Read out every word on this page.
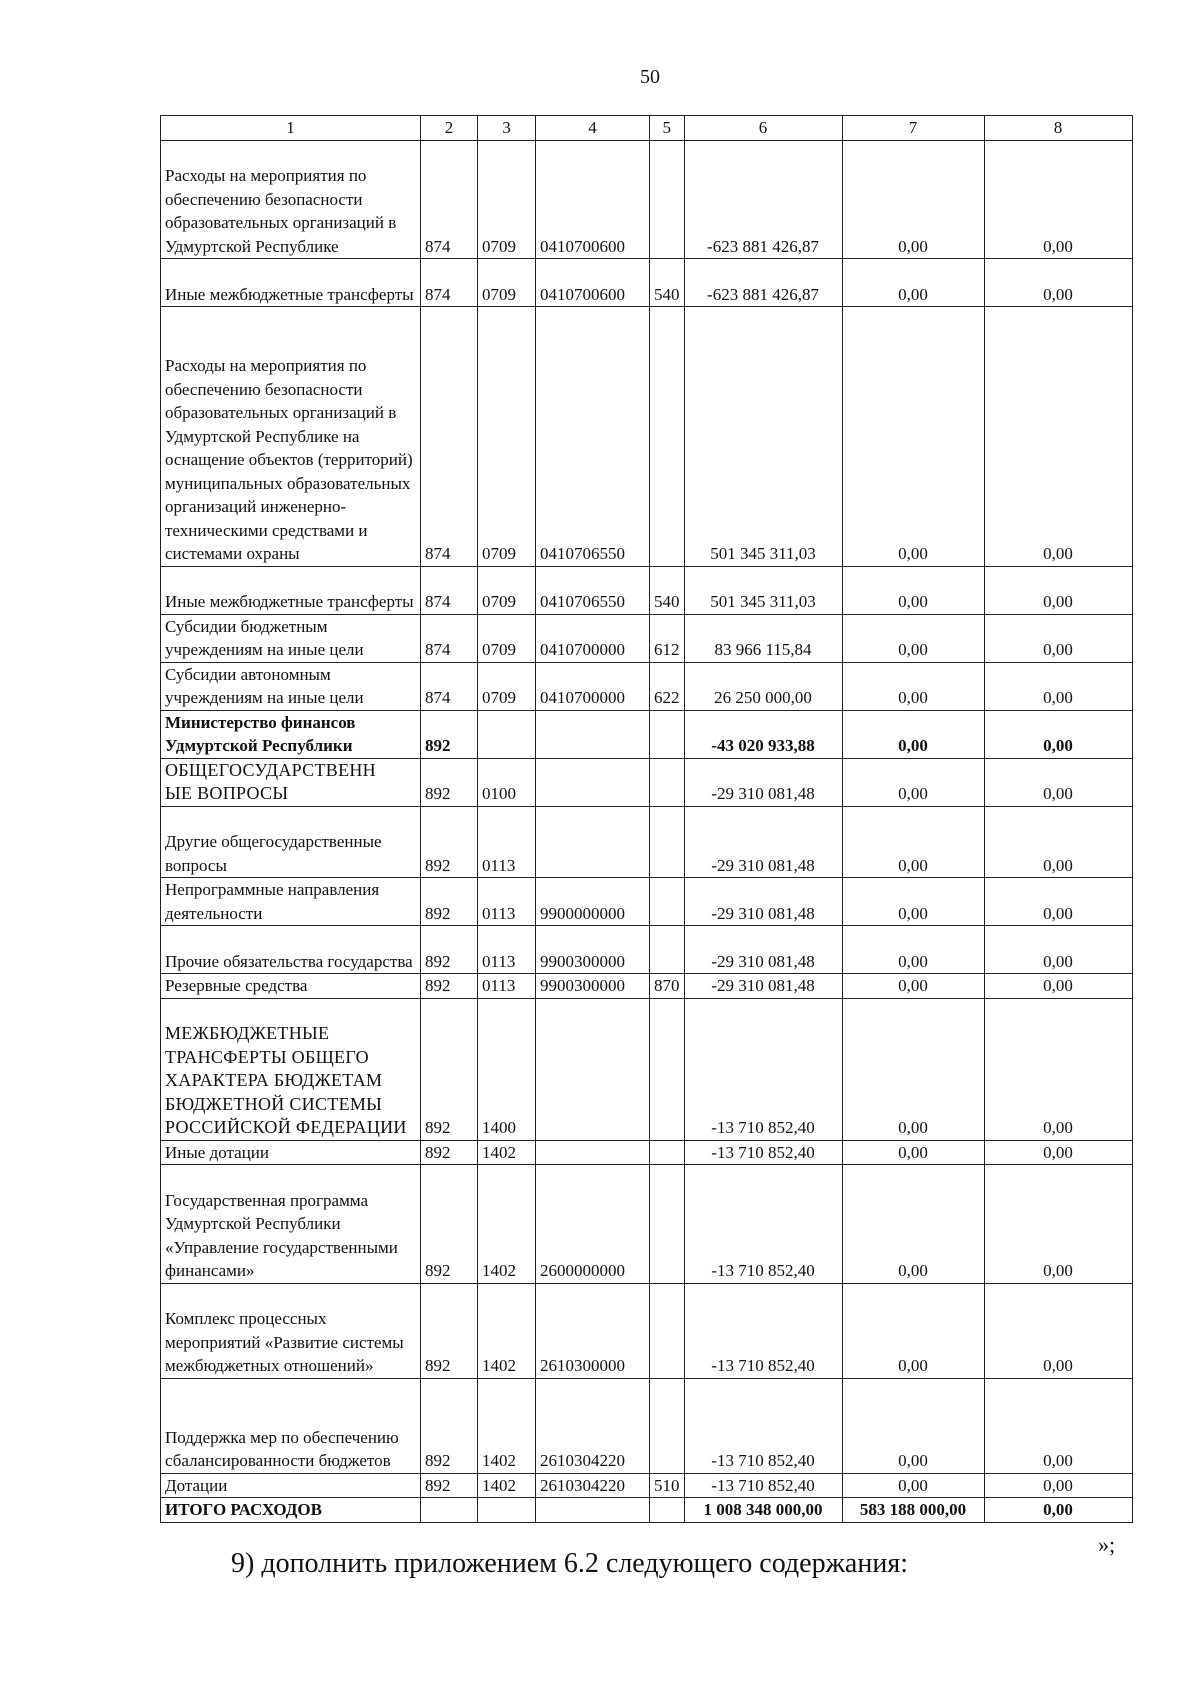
50
1	2	3	4	5	6	7	8
Расходы на мероприятия по обеспечению безопасности образовательных организаций в Удмуртской Республике	874	0709	0410700600		-623 881 426,87	0,00	0,00
Иные межбюджетные трансферты	874	0709	0410700600	540	-623 881 426,87	0,00	0,00
Расходы на мероприятия по обеспечению безопасности образовательных организаций в Удмуртской Республике на оснащение объектов (территорий) муниципальных образовательных организаций инженерно-техническими средствами и системами охраны	874	0709	0410706550		501 345 311,03	0,00	0,00
Иные межбюджетные трансферты	874	0709	0410706550	540	501 345 311,03	0,00	0,00
Субсидии бюджетным учреждениям на иные цели	874	0709	0410700000	612	83 966 115,84	0,00	0,00
Субсидии автономным учреждениям на иные цели	874	0709	0410700000	622	26 250 000,00	0,00	0,00
Министерство финансов Удмуртской Республики	892				-43 020 933,88	0,00	0,00
ОБЩЕГОСУДАРСТВЕНН
ЫЕ ВОПРОСЫ	892	0100			-29 310 081,48	0,00	0,00
Другие общегосударственные вопросы	892	0113			-29 310 081,48	0,00	0,00
Непрограммные направления деятельности	892	0113	9900000000		-29 310 081,48	0,00	0,00
Прочие обязательства государства	892	0113	9900300000		-29 310 081,48	0,00	0,00
Резервные средства	892	0113	9900300000	870	-29 310 081,48	0,00	0,00
МЕЖБЮДЖЕТНЫЕ ТРАНСФЕРТЫ ОБЩЕГО ХАРАКТЕРА БЮДЖЕТАМ БЮДЖЕТНОЙ СИСТЕМЫ РОССИЙСКОЙ ФЕДЕРАЦИИ	892	1400			-13 710 852,40	0,00	0,00
Иные дотации	892	1402			-13 710 852,40	0,00	0,00
Государственная программа Удмуртской Республики «Управление государственными финансами»	892	1402	2600000000		-13 710 852,40	0,00	0,00
Комплекс процессных мероприятий «Развитие системы межбюджетных отношений»	892	1402	2610300000		-13 710 852,40	0,00	0,00
Поддержка мер по обеспечению сбалансированности бюджетов	892	1402	2610304220		-13 710 852,40	0,00	0,00
Дотации	892	1402	2610304220	510	-13 710 852,40	0,00	0,00
ИТОГО РАСХОДОВ					1 008 348 000,00	583 188 000,00	0,00
»;
9) дополнить приложением 6.2 следующего содержания:
